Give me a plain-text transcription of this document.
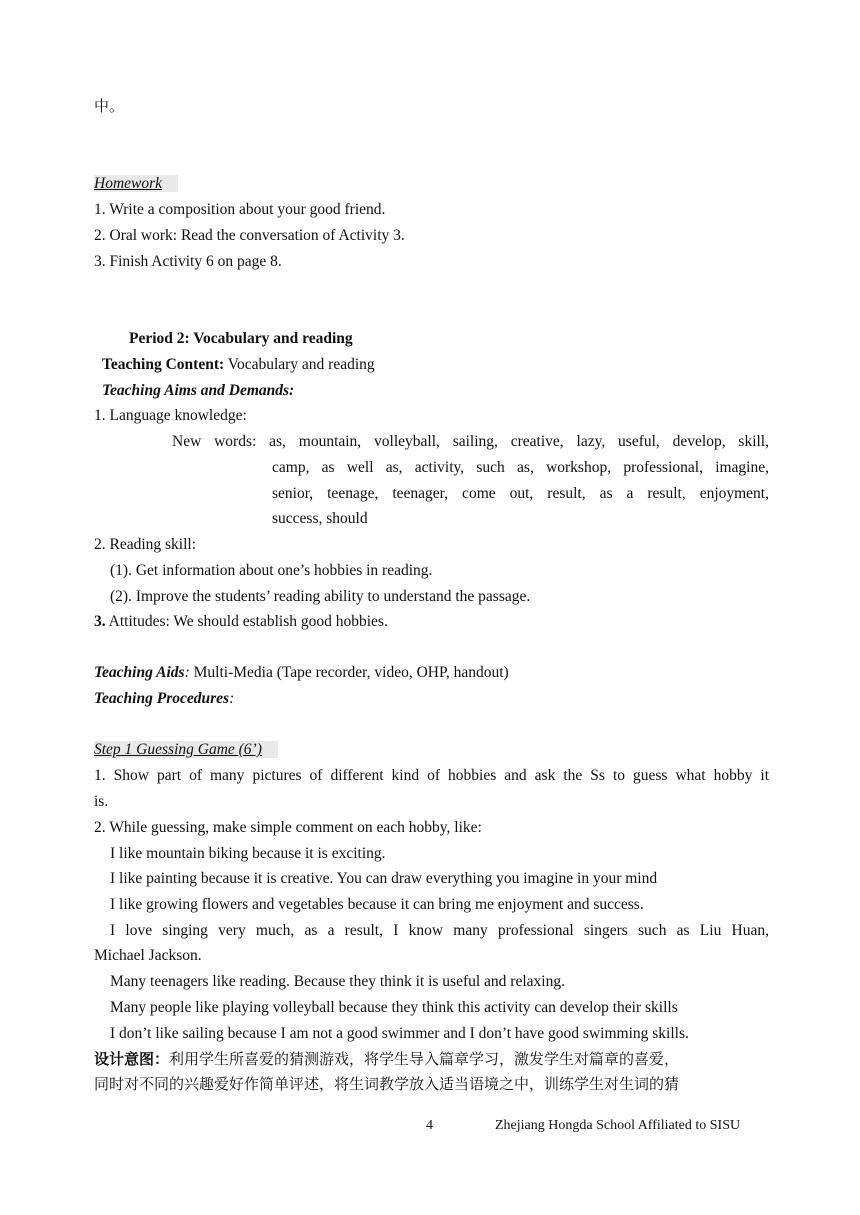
中。
Homework
1. Write a composition about your good friend.
2. Oral work: Read the conversation of Activity 3.
3. Finish Activity 6 on page 8.
Period 2: Vocabulary and reading
Teaching Content: Vocabulary and reading
Teaching Aims and Demands:
1. Language knowledge:
New words: as, mountain, volleyball, sailing, creative, lazy, useful, develop, skill,
camp, as well as, activity, such as, workshop, professional, imagine,
senior, teenage, teenager, come out, result, as a result, enjoyment,
success, should
2. Reading skill:
(1). Get information about one’s hobbies in reading.
(2). Improve the students’ reading ability to understand the passage.
3. Attitudes: We should establish good hobbies.
Teaching Aids: Multi-Media (Tape recorder, video, OHP, handout)
Teaching Procedures:
Step 1 Guessing Game (6’)
1. Show part of many pictures of different kind of hobbies and ask the Ss to guess what hobby it
is.
2. While guessing, make simple comment on each hobby, like:
I like mountain biking because it is exciting.
I like painting because it is creative. You can draw everything you imagine in your mind
I like growing flowers and vegetables because it can bring me enjoyment and success.
I love singing very much, as a result, I know many professional singers such as Liu Huan,
Michael Jackson.
Many teenagers like reading. Because they think it is useful and relaxing.
Many people like playing volleyball because they think this activity can develop their skills
I don’t like sailing because I am not a good swimmer and I don’t have good swimming skills.
设计意图：利用学生所喜爱的猜测游戏，将学生导入篇章学习，激发学生对篇章的喜爱，
同时对不同的兴趣爱好作简单评述，将生词教学放入适当语境之中，训练学生对生词的猜
4	Zhejiang Hongda School Affiliated to SISU
